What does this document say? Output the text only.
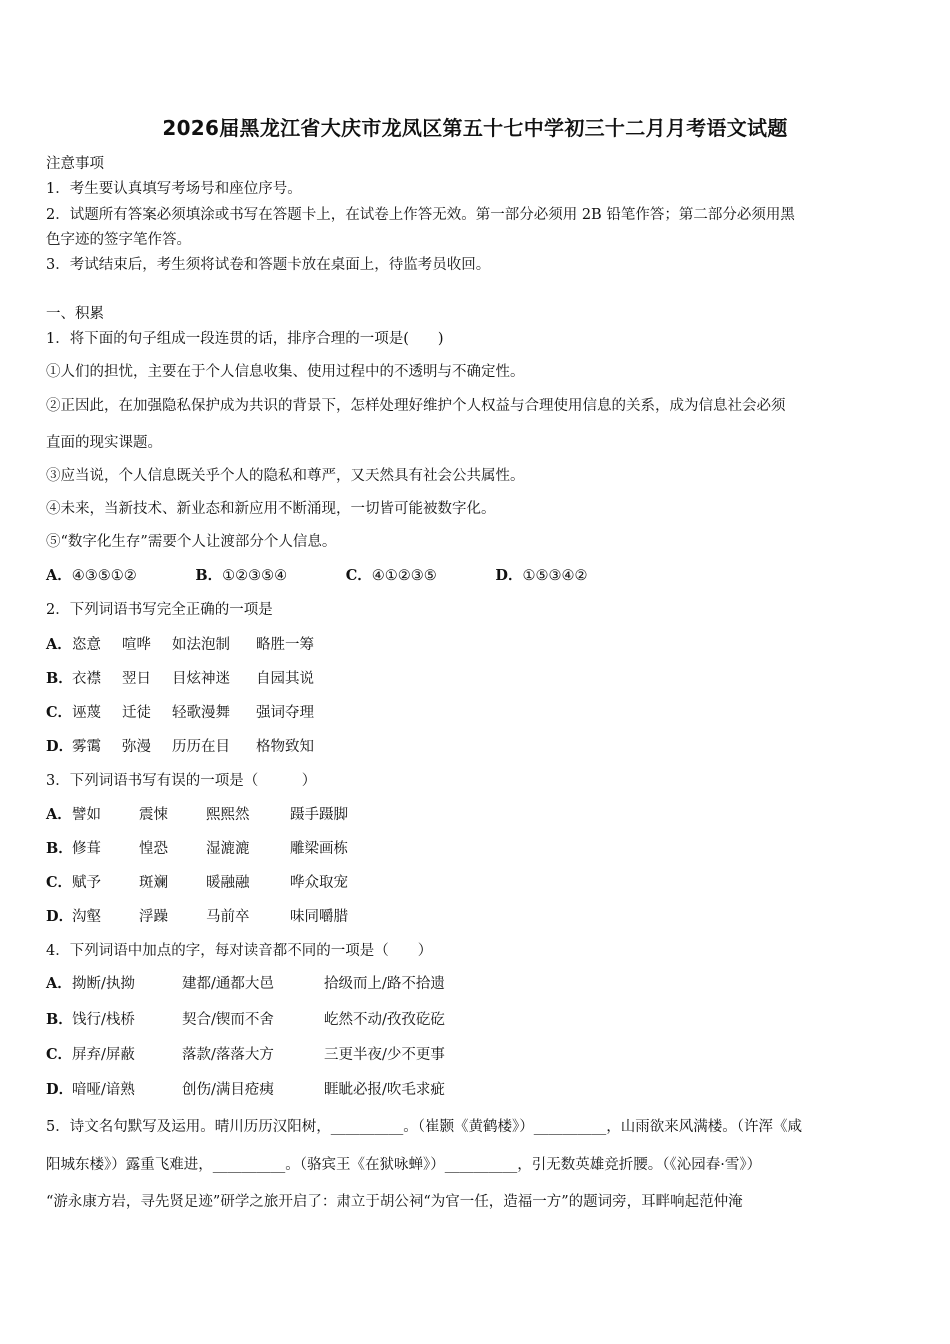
2026届黑龙江省大庆市龙凤区第五十七中学初三十二月月考语文试题
注意事项
1．考生要认真填写考场号和座位序号。
2．试题所有答案必须填涂或书写在答题卡上，在试卷上作答无效。第一部分必须用 2B 铅笔作答；第二部分必须用黑
色字迹的签字笔作答。
3．考试结束后，考生须将试卷和答题卡放在桌面上，待监考员收回。
一、积累
1．将下面的句子组成一段连贯的话，排序合理的一项是(　　)
①人们的担忧，主要在于个人信息收集、使用过程中的不透明与不确定性。
②正因此，在加强隐私保护成为共识的背景下，怎样处理好维护个人权益与合理使用信息的关系，成为信息社会必须
直面的现实课题。
③应当说，个人信息既关乎个人的隐私和尊严，又天然具有社会公共属性。
④未来，当新技术、新业态和新应用不断涌现，一切皆可能被数字化。
⑤“数字化生存”需要个人让渡部分个人信息。
A．④③⑤①②	B．①②③⑤④	C．④①②③⑤	D．①⑤③④②
2．下列词语书写完全正确的一项是
A．恣意 喧哗 如法泡制 略胜一筹
B．衣襟 翌日 目炫神迷 自园其说
C．诬蔑 迁徒 轻歌漫舞 强词夺理
D．雾霭 弥漫 历历在目 格物致知
3．下列词语书写有误的一项是（　　　）
A．譬如	震悚	熙熙然	蹑手蹑脚
B．修葺	惶恐	湿漉漉	雕梁画栋
C．赋予	斑斓	暖融融	哗众取宠
D．沟壑	浮躁	马前卒	味同嚼腊
4．下列词语中加点的字，每对读音都不同的一项是（　　）
A．拗断/执拗	建都/通都大邑	拾级而上/路不拾遗
B．饯行/栈桥	契合/锲而不舍	屹然不动/孜孜矻矻
C．屏弃/屏蔽	落款/落落大方	三更半夜/少不更事
D．喑哑/谙熟	创伤/满目疮痍	睚眦必报/吹毛求疵
5．诗文名句默写及运用。晴川历历汉阳树，__________。（崔颢《黄鹤楼》）__________，山雨欲来风满楼。（许浑《咸
阳城东楼》）露重飞难进，__________。（骆宾王《在狱咏蝉》）__________，引无数英雄竞折腰。（《沁园春·雪》）
“游永康方岩，寻先贤足迹”研学之旅开启了：肃立于胡公祠“为官一任，造福一方”的题词旁，耳畔响起范仲淹
